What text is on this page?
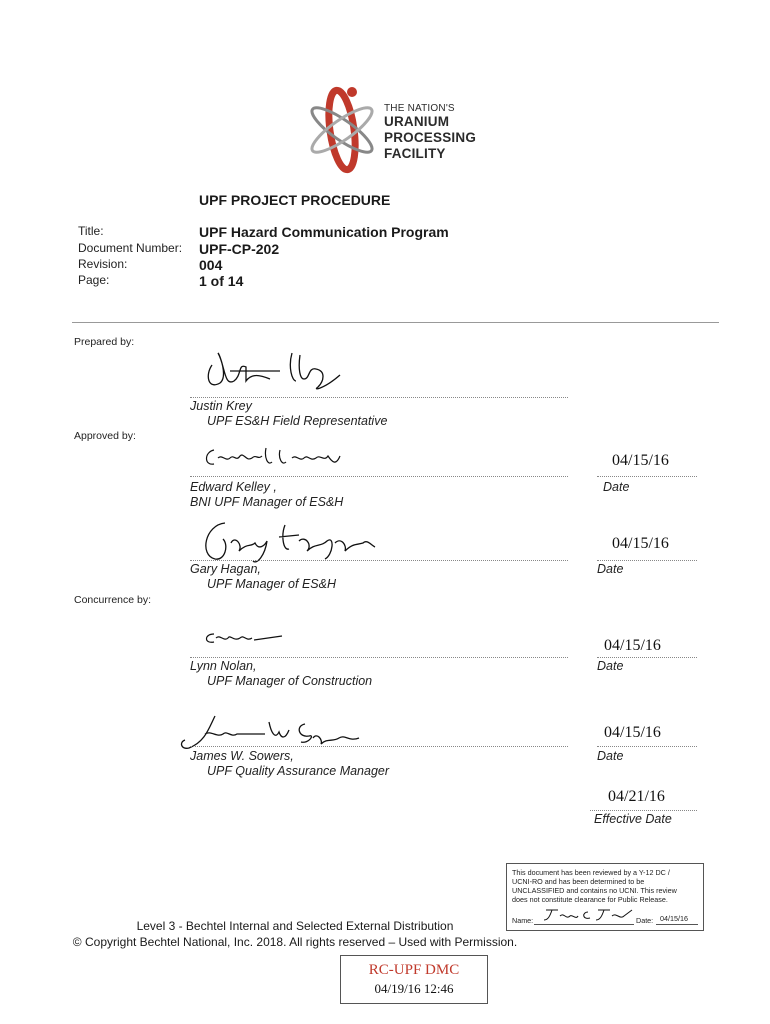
THE NATION'S
URANIUM
PROCESSING
FACILITY
UPF PROJECT PROCEDURE
Title:	UPF Hazard Communication Program
Document Number: UPF-CP-202
Revision:	004
Page:	1 of 14
Prepared by:
Justin Krey
UPF ES&H Field Representative
Approved by:
04/15/16
Edward Kelley ,
BNI UPF Manager of ES&H
Date
04/15/16
Gary Hagan,
UPF Manager of ES&H
Date
Concurrence by:
04/15/16
Lynn Nolan,
UPF Manager of Construction
Date
04/15/16
James W. Sowers,
UPF Quality Assurance Manager
Date
04/21/16
Effective Date
This document has been reviewed by a Y-12 DC / UCNI-RO and has been determined to be UNCLASSIFIED and contains no UCNI. This review does not constitute clearance for Public Release.
Name:	Date: 04/15/16
Level 3 - Bechtel Internal and Selected External Distribution
© Copyright Bechtel National, Inc. 2018. All rights reserved – Used with Permission.
RC-UPF DMC
04/19/16 12:46
